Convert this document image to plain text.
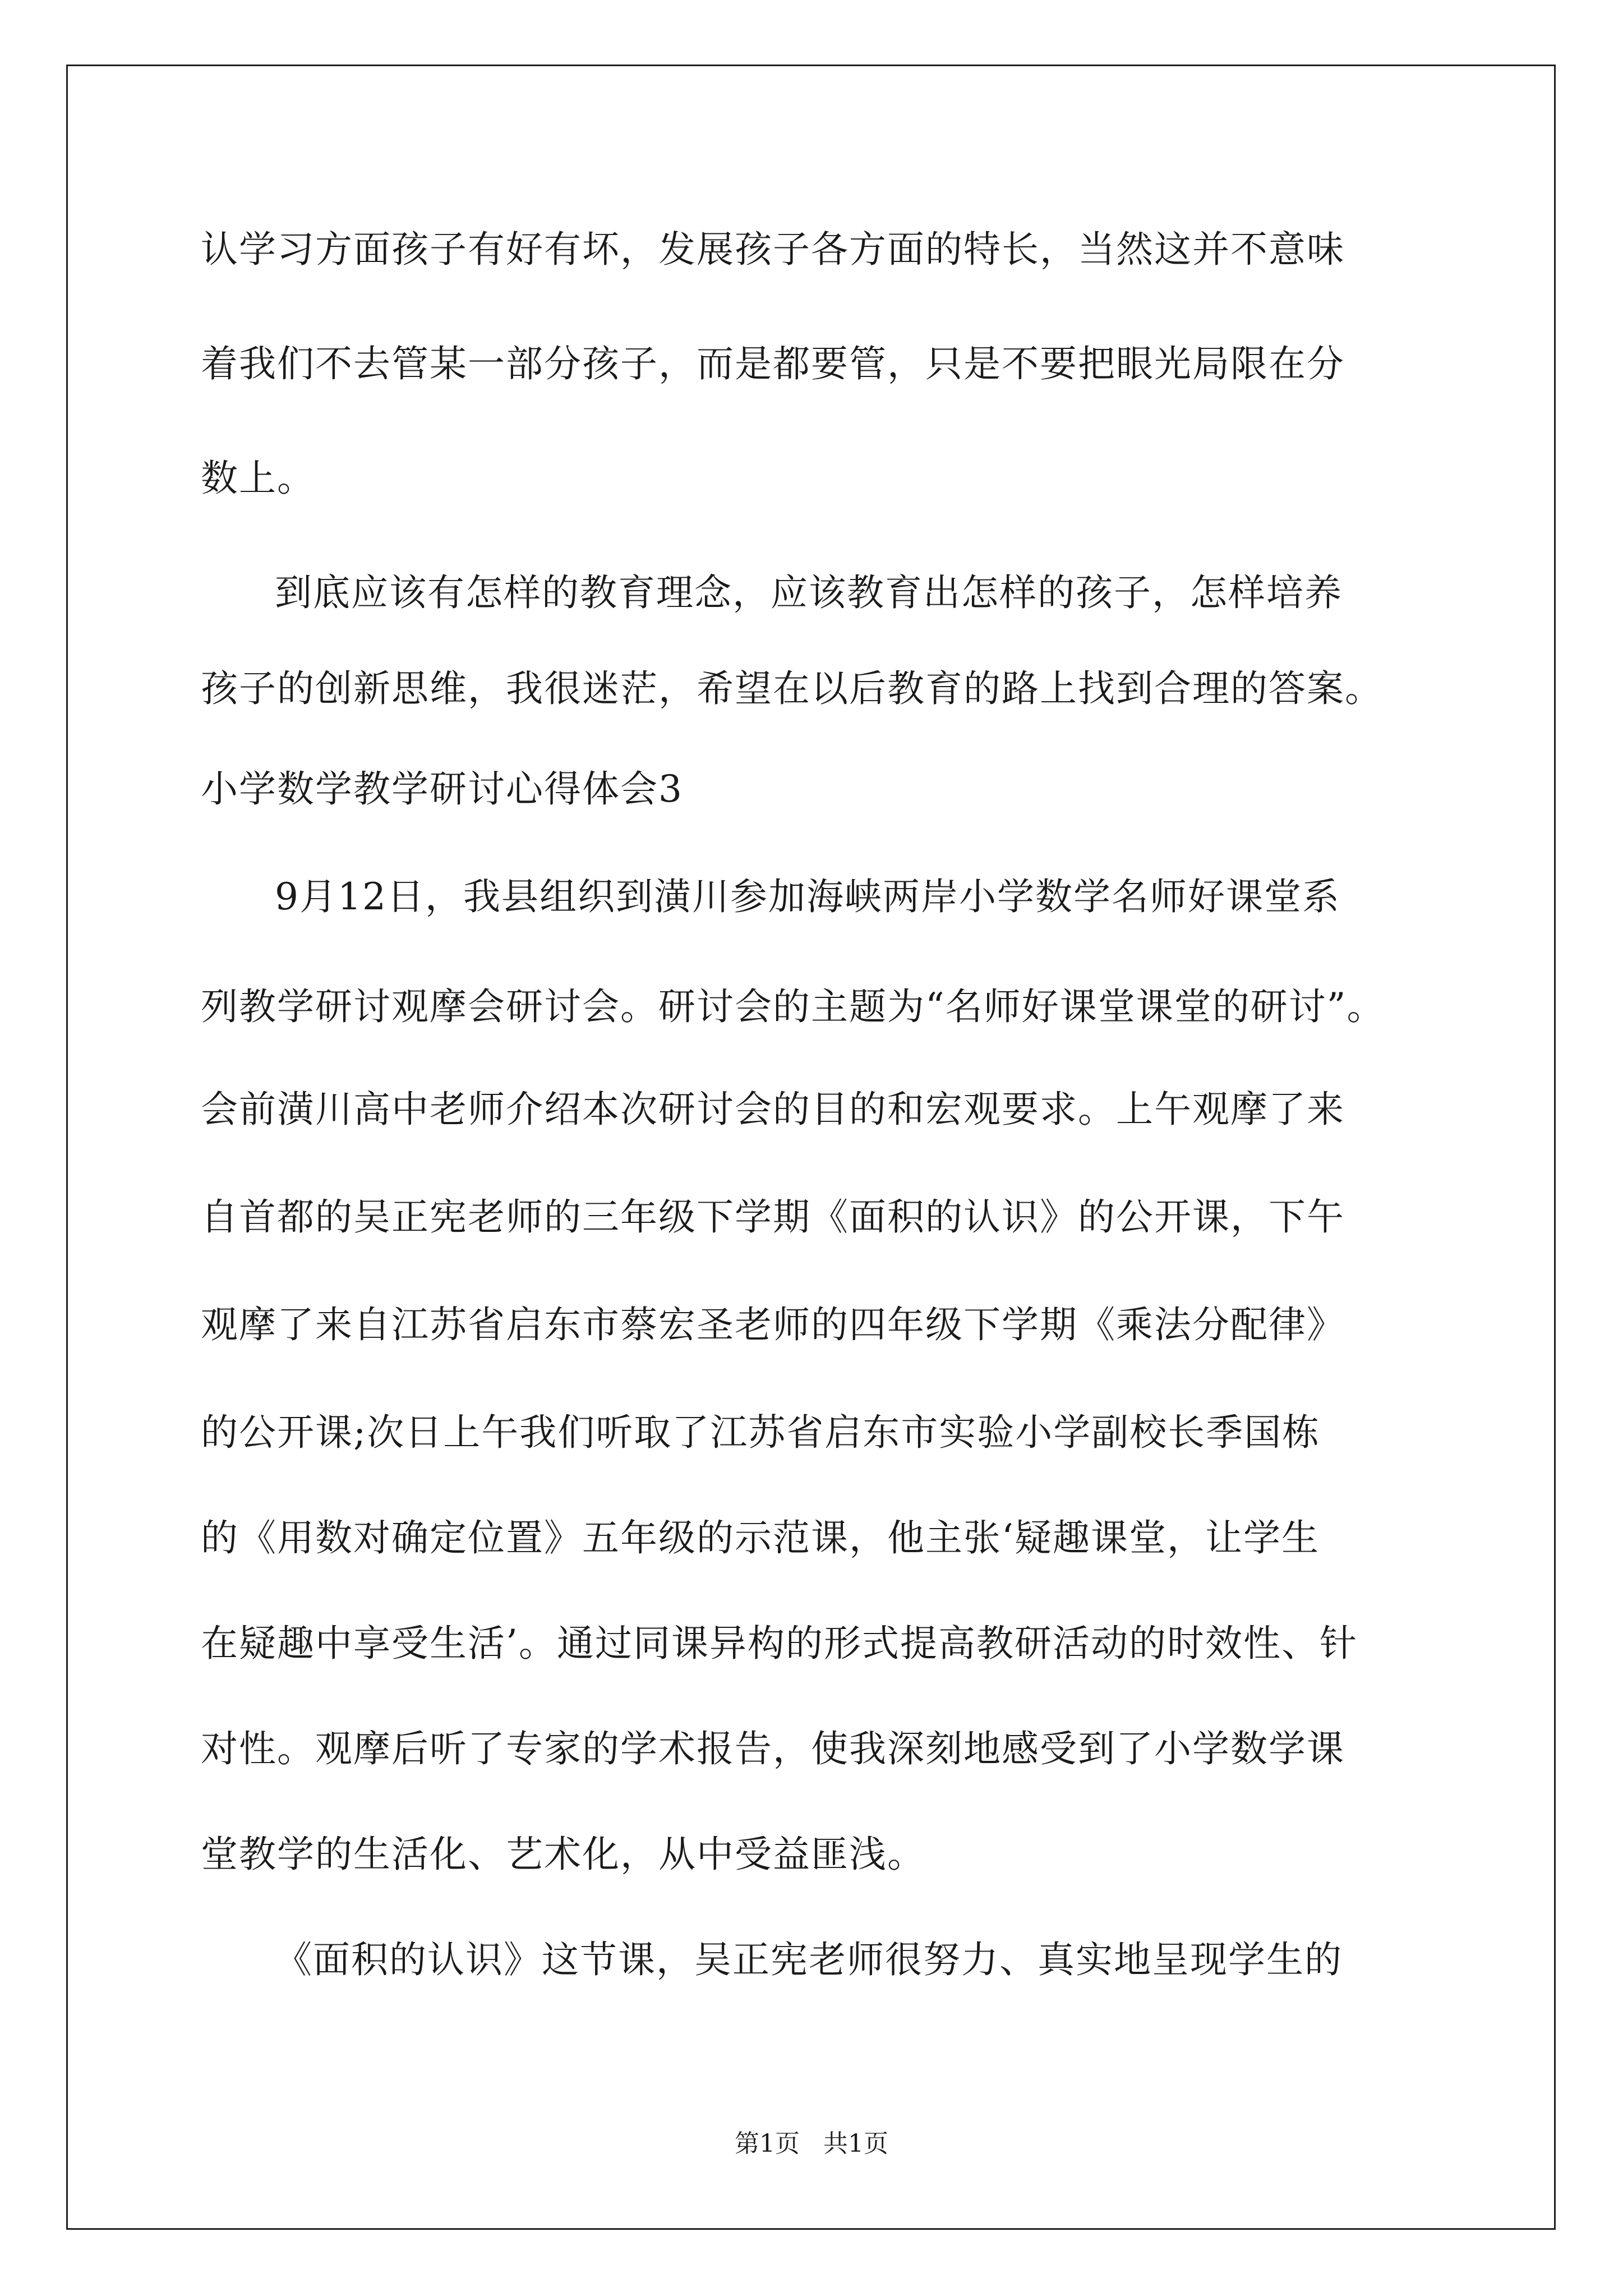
认学习方面孩子有好有坏，发展孩子各方面的特长，当然这并不意味
着我们不去管某一部分孩子，而是都要管，只是不要把眼光局限在分
数上。
到底应该有怎样的教育理念，应该教育出怎样的孩子，怎样培养
孩子的创新思维，我很迷茫，希望在以后教育的路上找到合理的答案。
小学数学教学研讨心得体会3
9月12日，我县组织到潢川参加海峡两岸小学数学名师好课堂系
列教学研讨观摩会研讨会。研讨会的主题为“名师好课堂课堂的研讨”。
会前潢川高中老师介绍本次研讨会的目的和宏观要求。上午观摩了来
自首都的吴正宪老师的三年级下学期《面积的认识》的公开课，下午
观摩了来自江苏省启东市蔡宏圣老师的四年级下学期《乘法分配律》
的公开课;次日上午我们听取了江苏省启东市实验小学副校长季国栋
的《用数对确定位置》五年级的示范课，他主张‘疑趣课堂，让学生
在疑趣中享受生活’。通过同课异构的形式提高教研活动的时效性、针
对性。观摩后听了专家的学术报告，使我深刻地感受到了小学数学课
堂教学的生活化、艺术化，从中受益匪浅。
《面积的认识》这节课，吴正宪老师很努力、真实地呈现学生的
第1页   共1页
